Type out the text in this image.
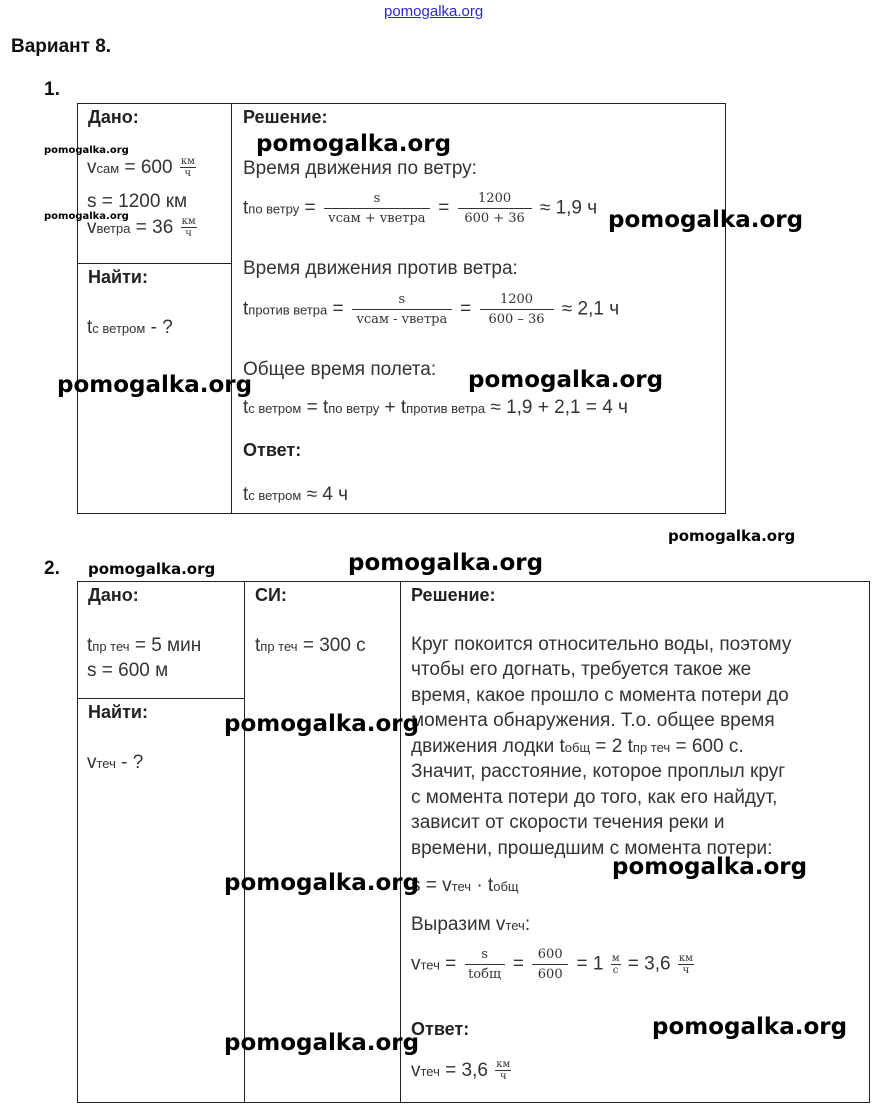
pomogalka.org
Вариант 8.
1.
Дано:
vсам = $600 \frac{км}{ч}$
s = 1200 км
vветра = $36 \frac{км}{ч}$
Найти:
tс ветром - ?
Решение:
Время движения по ветру:
tпо ветру = $\frac{s}{\text{vсам + vветра}} = \frac{1200}{600 + 36} \approx 1,9$ ч
Время движения против ветра:
tпротив ветра = $\frac{s}{\text{vсам - vветра}} = \frac{1200}{600 - 36} \approx 2,1$ ч
Общее время полета:
tс ветром = tпо ветру + tпротив ветра ≈ 1,9 + 2,1 = 4 ч
Ответ:
tс ветром ≈ 4 ч
2.
Дано:
tпр теч = 5 мин
s = 600 м
Найти:
vтеч - ?
СИ:
tпр теч = 300 с
Решение:
Круг покоится относительно воды, поэтому
чтобы его догнать, требуется такое же
время, какое прошло с момента потери до
момента обнаружения. Т.о. общее время
движения лодки tобщ = 2 tпр теч = 600 с.
Значит, расстояние, которое проплыл круг
с момента потери до того, как его найдут,
зависит от скорости течения реки и
времени, прошедшим с момента потери:
s = vтеч · tобщ
Выразим vтеч:
vтеч = $\frac{s}{\text{tобщ}} = \frac{600}{600} = 1 \frac{м}{с} = 3,6 \frac{км}{ч}$
Ответ:
vтеч = $3,6 \frac{км}{ч}$
pomogalka.org
pomogalka.org
pomogalka.org
pomogalka.org
pomogalka.org	pomogalka.org
pomogalka.org
pomogalka.org	pomogalka.org
pomogalka.org
pomogalka.org
pomogalka.org
pomogalka.org
pomogalka.org
